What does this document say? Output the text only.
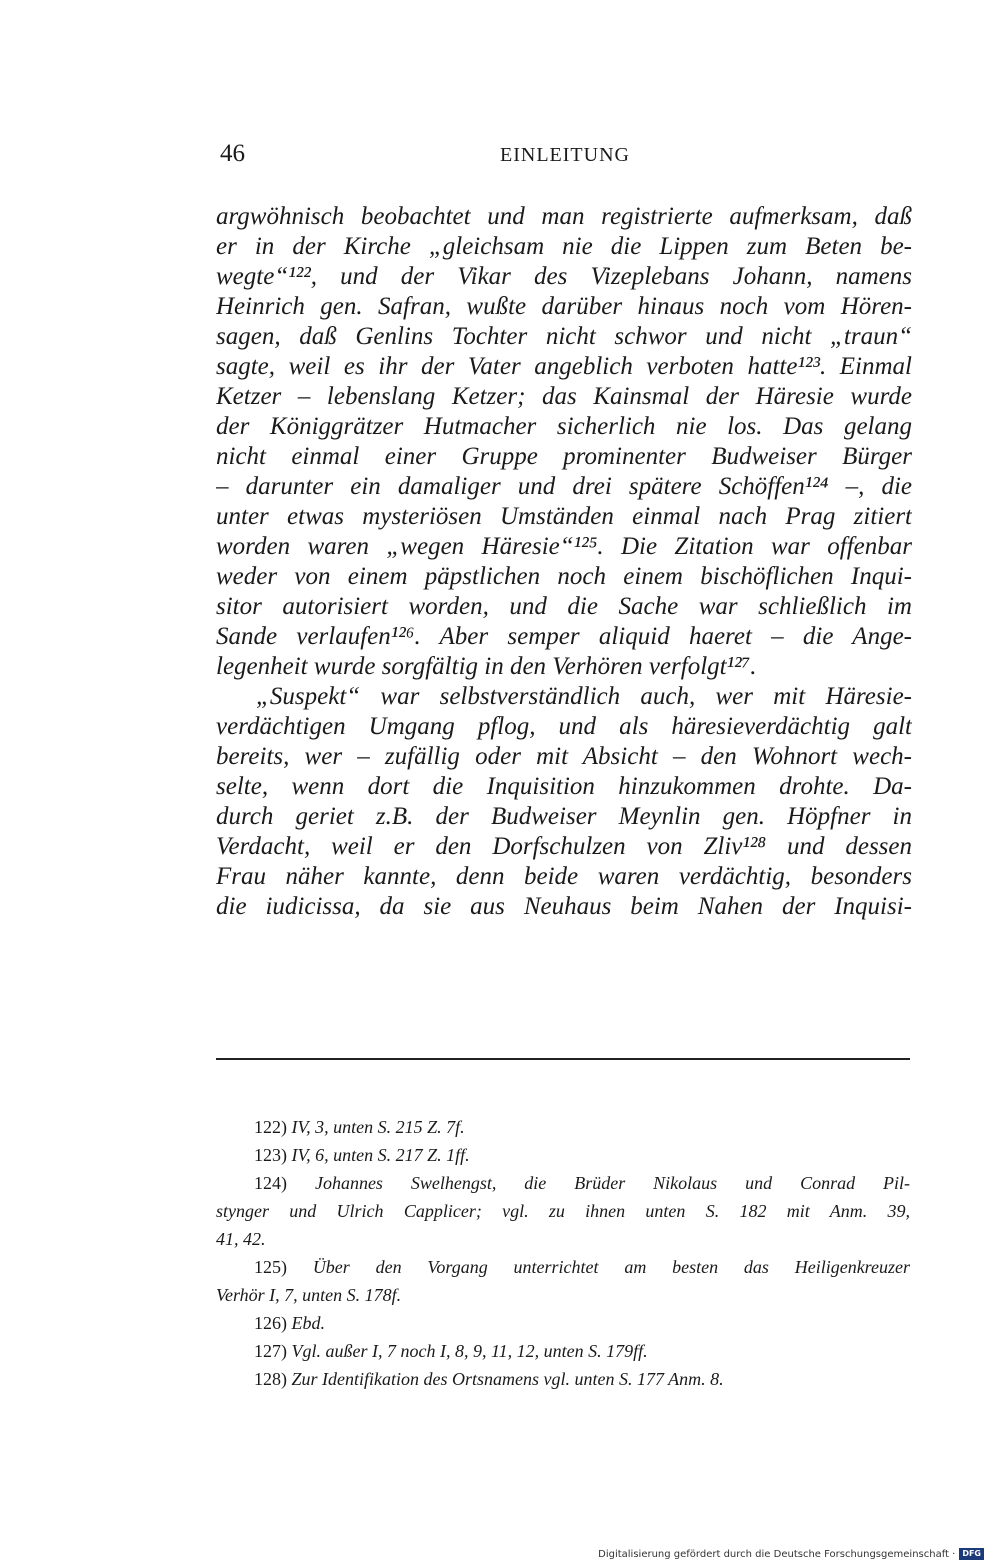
46	EINLEITUNG
argwöhnisch beobachtet und man registrierte aufmerksam, daß
er in der Kirche „gleichsam nie die Lippen zum Beten be-
wegte“¹²², und der Vikar des Vizeplebans Johann, namens
Heinrich gen. Safran, wußte darüber hinaus noch vom Hören-
sagen, daß Genlins Tochter nicht schwor und nicht „traun“
sagte, weil es ihr der Vater angeblich verboten hatte¹²³. Einmal
Ketzer – lebenslang Ketzer; das Kainsmal der Häresie wurde
der Königgrätzer Hutmacher sicherlich nie los. Das gelang
nicht einmal einer Gruppe prominenter Budweiser Bürger
– darunter ein damaliger und drei spätere Schöffen¹²⁴ –, die
unter etwas mysteriösen Umständen einmal nach Prag zitiert
worden waren „wegen Häresie“¹²⁵. Die Zitation war offenbar
weder von einem päpstlichen noch einem bischöflichen Inqui-
sitor autorisiert worden, und die Sache war schließlich im
Sande verlaufen¹²⁶. Aber semper aliquid haeret – die Ange-
legenheit wurde sorgfältig in den Verhören verfolgt¹²⁷.
„Suspekt“ war selbstverständlich auch, wer mit Häresie-
verdächtigen Umgang pflog, und als häresieverdächtig galt
bereits, wer – zufällig oder mit Absicht – den Wohnort wech-
selte, wenn dort die Inquisition hinzukommen drohte. Da-
durch geriet z.B. der Budweiser Meynlin gen. Höpfner in
Verdacht, weil er den Dorfschulzen von Zliv¹²⁸ und dessen
Frau näher kannte, denn beide waren verdächtig, besonders
die iudicissa, da sie aus Neuhaus beim Nahen der Inquisi-
122) IV, 3, unten S. 215 Z. 7f.
123) IV, 6, unten S. 217 Z. 1ff.
124) Johannes Swelhengst, die Brüder Nikolaus und Conrad Pil-
stynger und Ulrich Capplicer; vgl. zu ihnen unten S. 182 mit Anm. 39,
41, 42.
125) Über den Vorgang unterrichtet am besten das Heiligenkreuzer
Verhör I, 7, unten S. 178f.
126) Ebd.
127) Vgl. außer I, 7 noch I, 8, 9, 11, 12, unten S. 179ff.
128) Zur Identifikation des Ortsnamens vgl. unten S. 177 Anm. 8.
Digitalisierung gefördert durch die Deutsche Forschungsgemeinschaft · DFG
